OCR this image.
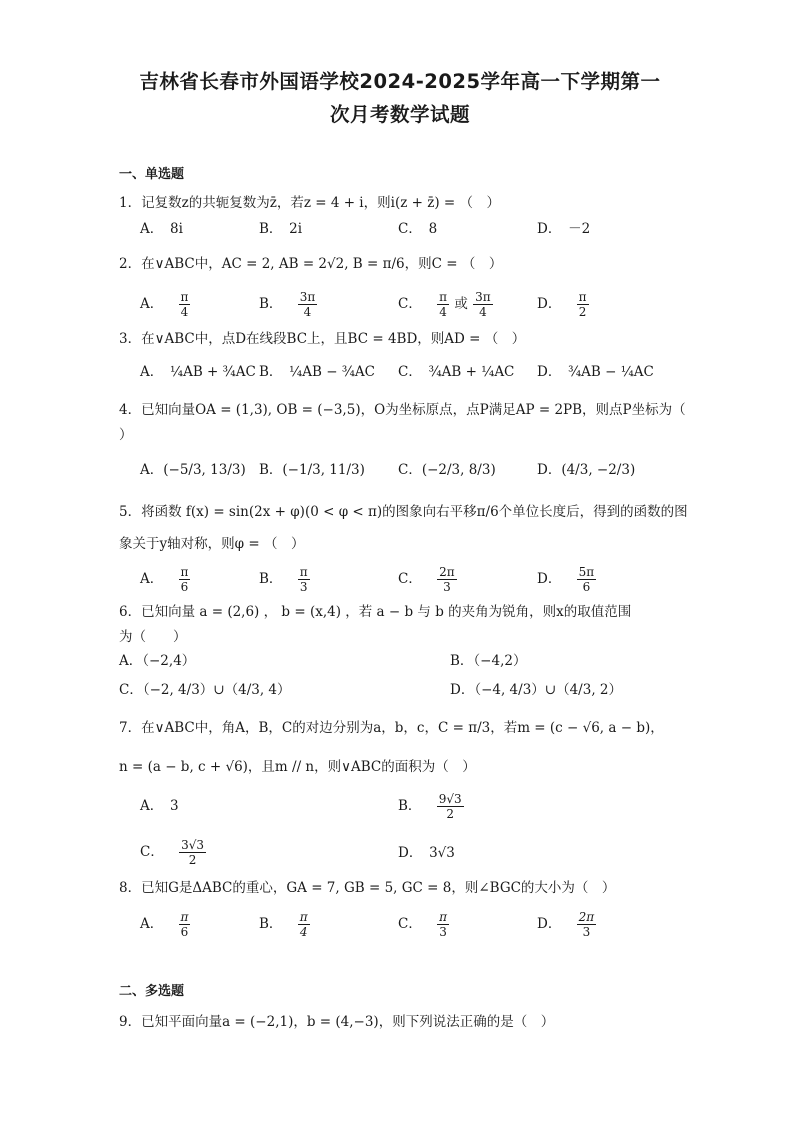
吉林省长春市外国语学校2024-2025学年高一下学期第一
次月考数学试题
一、单选题
1．记复数z的共轭复数为z̄，若z = 4 + i，则i(z + z̄) = （　）
A．　8i	B．　2i	C．　8	D．　－2
2．在∨ABC中，AC = 2, AB = 2√2, B = π/6，则C = （　）
A． $\frac{\pi}{4}$	B． $\frac{3\pi}{4}$	C． $\frac{\pi}{4}$ 或 $\frac{3\pi}{4}$	D． $\frac{\pi}{2}$
3．在∨ABC中，点D在线段BC上，且BC = 4BD，则AD = （　）
A．　¼AB + ¾AC B．　¼AB − ¾AC C．　¾AB + ¼AC D．　¾AB − ¼AC
4．已知向量OA = (1,3), OB = (−3,5)，O为坐标原点，点P满足AP = 2PB，则点P坐标为（
）
A．(−5/3, 13/3) B．(−1/3, 11/3) C．(−2/3, 8/3)	D．(4/3, −2/3)
5．将函数 f(x) = sin(2x + φ)(0 < φ < π)的图象向右平移π/6个单位长度后，得到的函数的图
象关于y轴对称，则φ = （　）
A． $\frac{\pi}{6}$	B． $\frac{\pi}{3}$	C． $\frac{2\pi}{3}$	D． $\frac{5\pi}{6}$
6．已知向量 a = (2,6) ， b = (x,4) ，若 a − b 与 b 的夹角为锐角，则x的取值范围
为（　　）
A．（−2,4）	B．（−4,2）
C．（−2, 4/3）∪（4/3, 4）	D．（−4, 4/3）∪（4/3, 2）
7．在∨ABC中，角A，B，C的对边分别为a，b，c，C = π/3，若m = (c − √6, a − b)，
n = (a − b, c + √6)，且m // n，则∨ABC的面积为（　）
A．　3	B． $\frac{9√3}{2}$
C． $\frac{3√3}{2}$	D．　3√3
8．已知G是ΔABC的重心，GA = 7, GB = 5, GC = 8，则∠BGC的大小为（　）
A． $\frac{\pi}{6}$	B． $\frac{\pi}{4}$	C． $\frac{\pi}{3}$	D． $\frac{2\pi}{3}$
二、多选题
9．已知平面向量a = (−2,1)，b = (4,−3)，则下列说法正确的是（　）
